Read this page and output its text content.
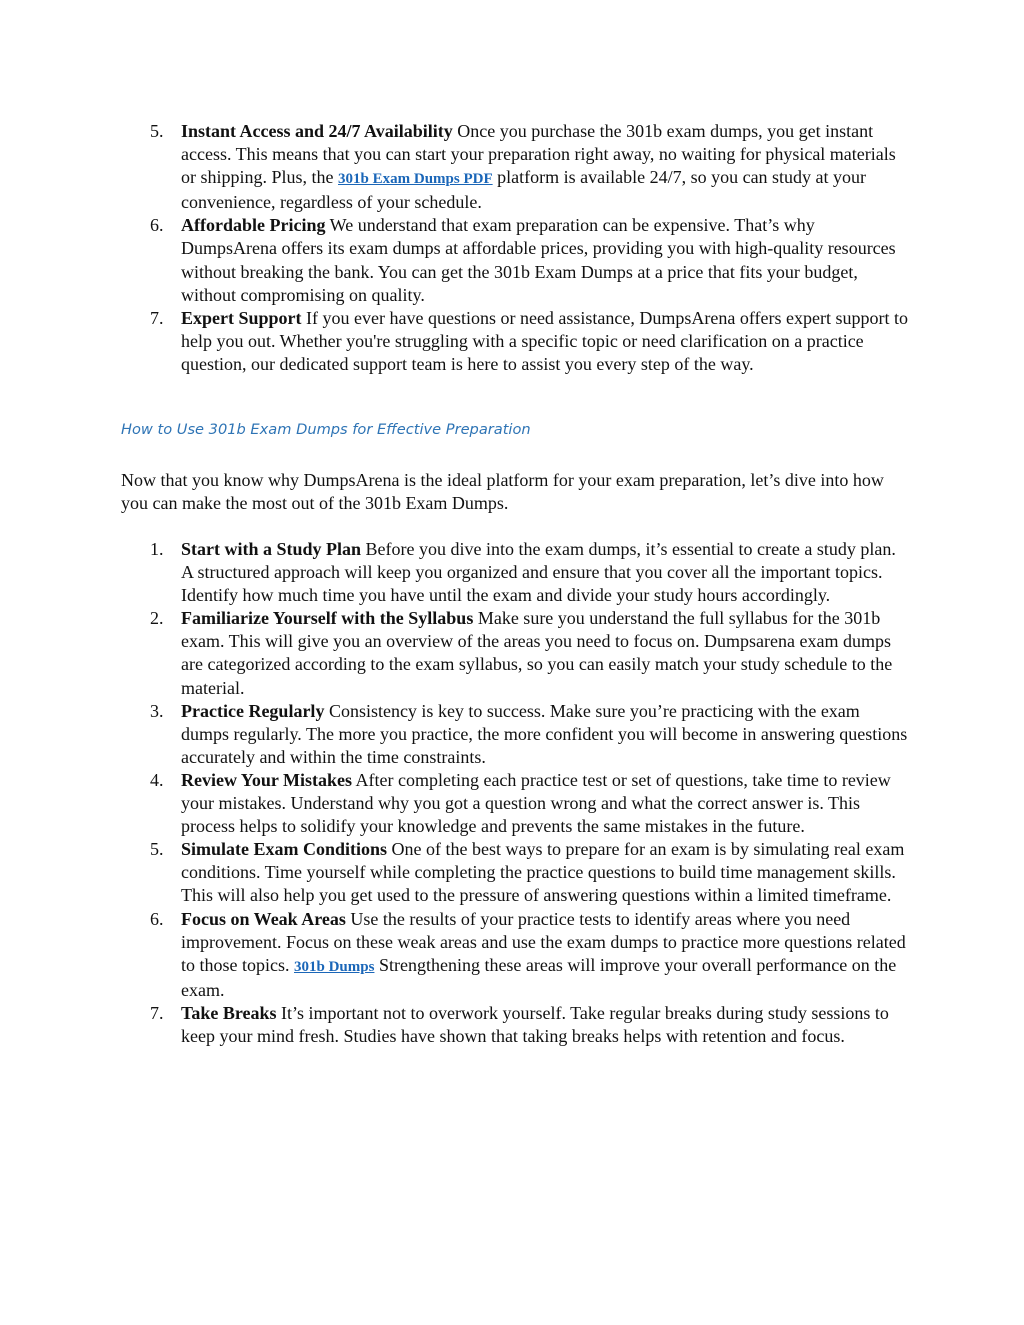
5. Instant Access and 24/7 Availability Once you purchase the 301b exam dumps, you get instant access. This means that you can start your preparation right away, no waiting for physical materials or shipping. Plus, the 301b Exam Dumps PDF platform is available 24/7, so you can study at your convenience, regardless of your schedule.
6. Affordable Pricing We understand that exam preparation can be expensive. That’s why DumpsArena offers its exam dumps at affordable prices, providing you with high-quality resources without breaking the bank. You can get the 301b Exam Dumps at a price that fits your budget, without compromising on quality.
7. Expert Support If you ever have questions or need assistance, DumpsArena offers expert support to help you out. Whether you're struggling with a specific topic or need clarification on a practice question, our dedicated support team is here to assist you every step of the way.
How to Use 301b Exam Dumps for Effective Preparation

Now that you know why DumpsArena is the ideal platform for your exam preparation, let’s dive into how you can make the most out of the 301b Exam Dumps.

1. Start with a Study Plan Before you dive into the exam dumps, it’s essential to create a study plan. A structured approach will keep you organized and ensure that you cover all the important topics. Identify how much time you have until the exam and divide your study hours accordingly.
2. Familiarize Yourself with the Syllabus Make sure you understand the full syllabus for the 301b exam. This will give you an overview of the areas you need to focus on. Dumpsarena exam dumps are categorized according to the exam syllabus, so you can easily match your study schedule to the material.
3. Practice Regularly Consistency is key to success. Make sure you’re practicing with the exam dumps regularly. The more you practice, the more confident you will become in answering questions accurately and within the time constraints.
4. Review Your Mistakes After completing each practice test or set of questions, take time to review your mistakes. Understand why you got a question wrong and what the correct answer is. This process helps to solidify your knowledge and prevents the same mistakes in the future.
5. Simulate Exam Conditions One of the best ways to prepare for an exam is by simulating real exam conditions. Time yourself while completing the practice questions to build time management skills. This will also help you get used to the pressure of answering questions within a limited timeframe.
6. Focus on Weak Areas Use the results of your practice tests to identify areas where you need improvement. Focus on these weak areas and use the exam dumps to practice more questions related to those topics. 301b Dumps Strengthening these areas will improve your overall performance on the exam.
7. Take Breaks It’s important not to overwork yourself. Take regular breaks during study sessions to keep your mind fresh. Studies have shown that taking breaks helps with retention and focus.
